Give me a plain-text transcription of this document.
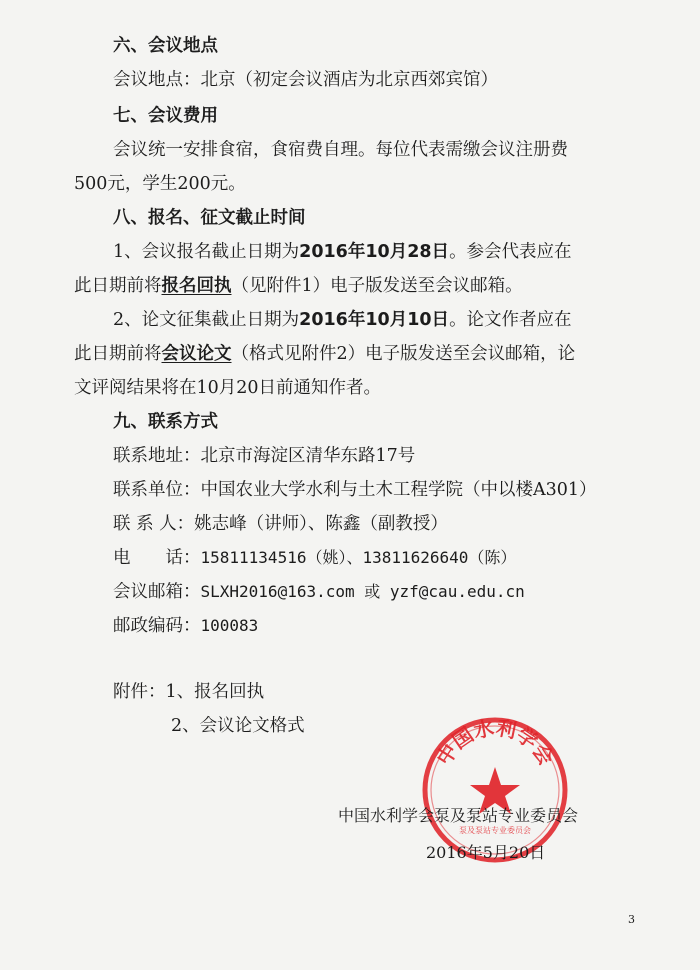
六、会议地点
会议地点：北京（初定会议酒店为北京西郊宾馆）
七、会议费用
会议统一安排食宿，食宿费自理。每位代表需缴会议注册费
500元，学生200元。
八、报名、征文截止时间
1、会议报名截止日期为2016年10月28日。参会代表应在
此日期前将报名回执（见附件1）电子版发送至会议邮箱。
2、论文征集截止日期为2016年10月10日。论文作者应在
此日期前将会议论文（格式见附件2）电子版发送至会议邮箱，论
文评阅结果将在10月20日前通知作者。
九、联系方式
联系地址：北京市海淀区清华东路17号
联系单位：中国农业大学水利与土木工程学院（中以楼A301）
联 系 人：姚志峰（讲师）、陈鑫（副教授）
电　　话：15811134516（姚）、13811626640（陈）
会议邮箱：SLXH2016@163.com 或 yzf@cau.edu.cn
邮政编码：100083
附件：1、报名回执
2、会议论文格式
中国水利学会
泵及泵站专业委员会
中国水利学会泵及泵站专业委员会
2016年5月20日
3
